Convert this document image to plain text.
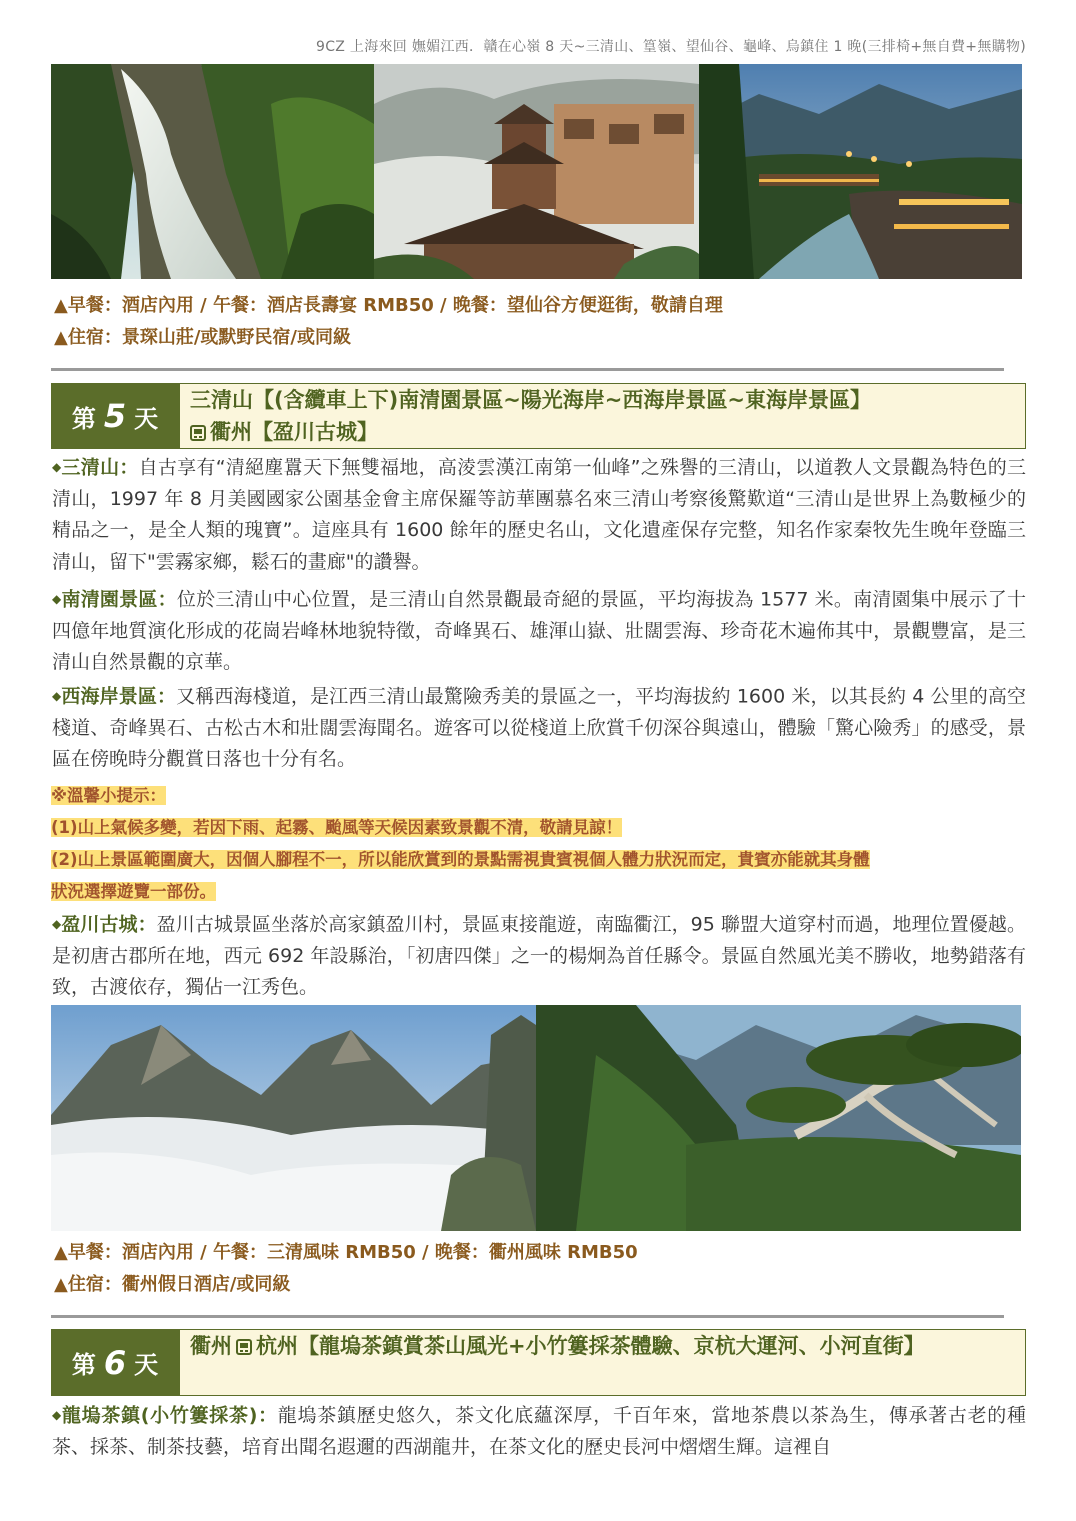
9CZ 上海來回 嫵媚江西．贛在心嶺 8 天~三清山、篁嶺、望仙谷、龜峰、烏鎮住 1 晚(三排椅+無自費+無購物)
▲早餐：酒店內用 / 午餐：酒店長壽宴 RMB50 / 晚餐：望仙谷方便逛街，敬請自理
▲住宿：景琛山莊/或默野民宿/或同級
第 5 天
三清山【(含纜車上下)南清園景區~陽光海岸~西海岸景區~東海岸景區】
衢州【盈川古城】
◆三清山：自古享有“清絕塵囂天下無雙福地，高淩雲漢江南第一仙峰”之殊譽的三清山，以道教人文景觀為特色的三清山，1997 年 8 月美國國家公園基金會主席保羅等訪華團慕名來三清山考察後驚歎道“三清山是世界上為數極少的精品之一，是全人類的瑰寶”。這座具有 1600 餘年的歷史名山，文化遺產保存完整，知名作家秦牧先生晚年登臨三清山，留下"雲霧家鄉，鬆石的畫廊"的讚譽。
◆南清園景區：位於三清山中心位置，是三清山自然景觀最奇絕的景區，平均海拔為 1577 米。南清園集中展示了十四億年地質演化形成的花崗岩峰林地貌特徵，奇峰異石、雄渾山嶽、壯闊雲海、珍奇花木遍佈其中，景觀豐富，是三清山自然景觀的京華。
◆西海岸景區：又稱西海棧道，是江西三清山最驚險秀美的景區之一，平均海拔約 1600 米，以其長約 4 公里的高空棧道、奇峰異石、古松古木和壯闊雲海聞名。遊客可以從棧道上欣賞千仞深谷與遠山，體驗「驚心險秀」的感受，景區在傍晚時分觀賞日落也十分有名。
※溫馨小提示：
(1)山上氣候多變，若因下雨、起霧、颱風等天候因素致景觀不清，敬請見諒！
(2)山上景區範圍廣大，因個人腳程不一，所以能欣賞到的景點需視貴賓視個人體力狀況而定，貴賓亦能就其身體
狀況選擇遊覽一部份。
◆盈川古城：盈川古城景區坐落於高家鎮盈川村，景區東接龍遊，南臨衢江，95 聯盟大道穿村而過，地理位置優越。是初唐古郡所在地，西元 692 年設縣治，「初唐四傑」之一的楊炯為首任縣令。景區自然風光美不勝收，地勢錯落有致，古渡依存，獨佔一江秀色。
▲早餐：酒店內用 / 午餐：三清風味 RMB50 / 晚餐：衢州風味 RMB50
▲住宿：衢州假日酒店/或同級
第 6 天
衢州 杭州【龍塢茶鎮賞茶山風光+小竹簍採茶體驗、京杭大運河、小河直街】
◆龍塢茶鎮(小竹簍採茶)：龍塢茶鎮歷史悠久，茶文化底蘊深厚，千百年來，當地茶農以茶為生，傳承著古老的種茶、採茶、制茶技藝，培育出聞名遐邇的西湖龍井，在茶文化的歷史長河中熠熠生輝。這裡自
